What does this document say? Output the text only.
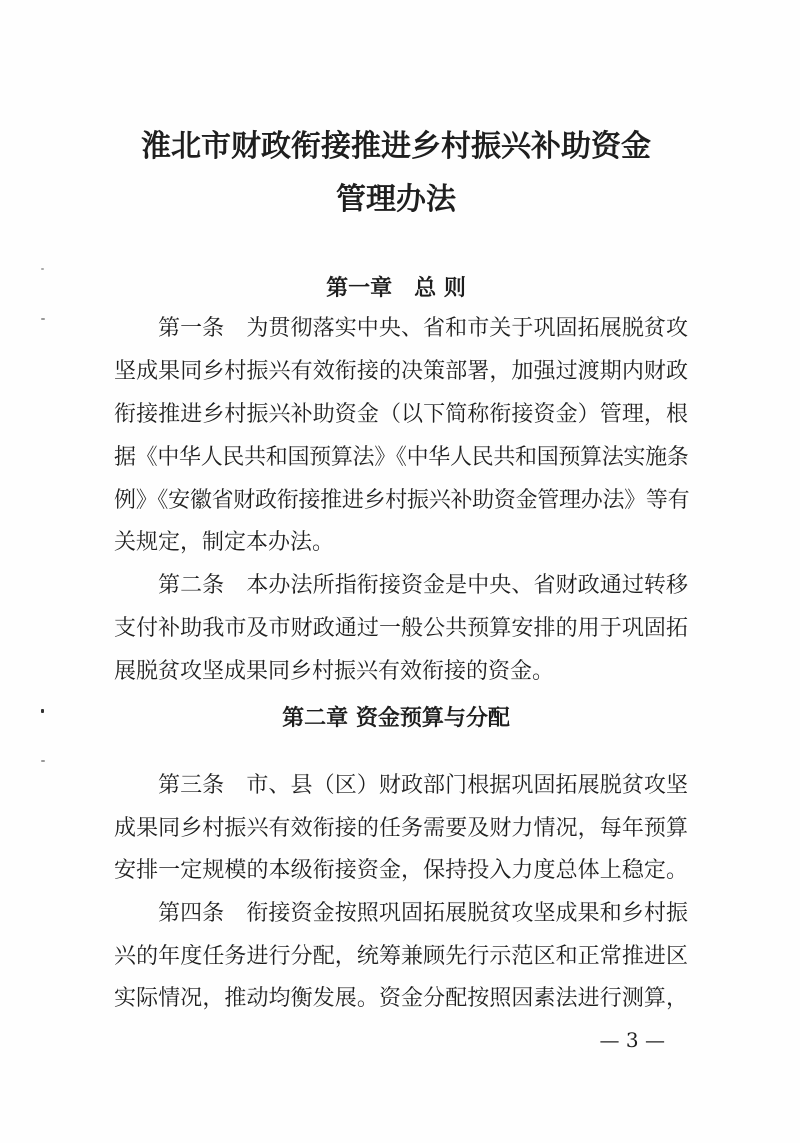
淮北市财政衔接推进乡村振兴补助资金
管理办法
第一章　总 则
第一条　为贯彻落实中央、省和市关于巩固拓展脱贫攻
坚成果同乡村振兴有效衔接的决策部署，加强过渡期内财政
衔接推进乡村振兴补助资金（以下简称衔接资金）管理，根
据《中华人民共和国预算法》《中华人民共和国预算法实施条
例》《安徽省财政衔接推进乡村振兴补助资金管理办法》等有
关规定，制定本办法。
第二条　本办法所指衔接资金是中央、省财政通过转移
支付补助我市及市财政通过一般公共预算安排的用于巩固拓
展脱贫攻坚成果同乡村振兴有效衔接的资金。
第二章 资金预算与分配
第三条　市、县（区）财政部门根据巩固拓展脱贫攻坚
成果同乡村振兴有效衔接的任务需要及财力情况，每年预算
安排一定规模的本级衔接资金，保持投入力度总体上稳定。
第四条　衔接资金按照巩固拓展脱贫攻坚成果和乡村振
兴的年度任务进行分配，统筹兼顾先行示范区和正常推进区
实际情况，推动均衡发展。资金分配按照因素法进行测算，
— 3 —
